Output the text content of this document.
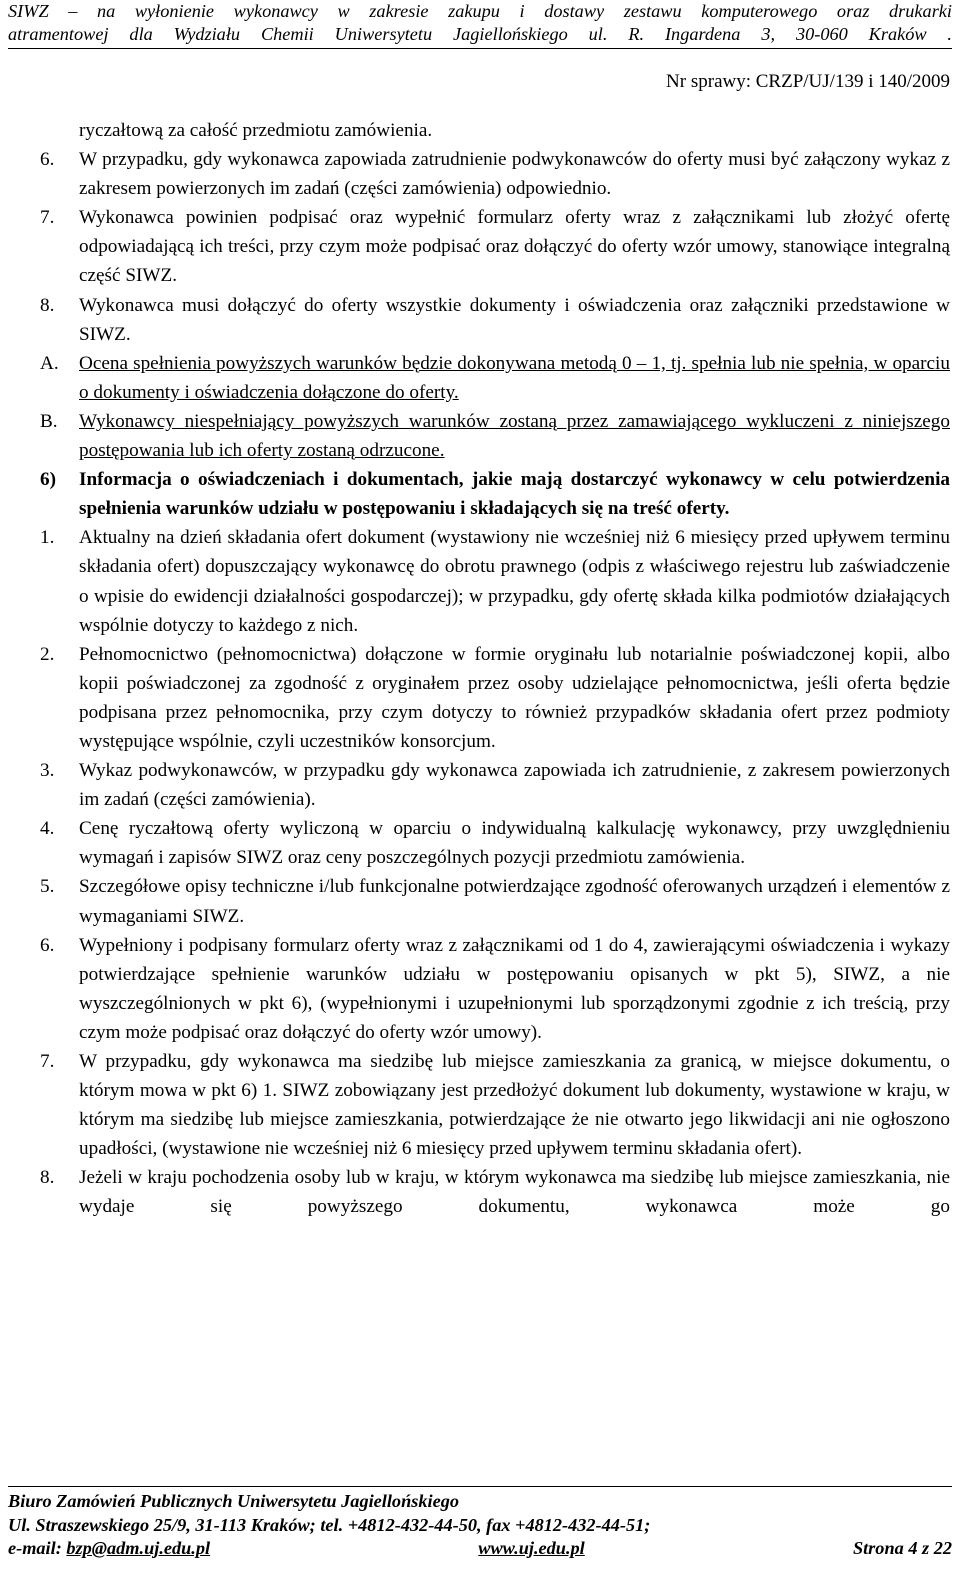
SIWZ – na wyłonienie wykonawcy w zakresie zakupu i dostawy zestawu komputerowego oraz drukarki
atramentowej dla Wydziału Chemii Uniwersytetu Jagiellońskiego ul. R. Ingardena 3, 30-060 Kraków .
Nr sprawy: CRZP/UJ/139 i 140/2009
ryczałtową za całość przedmiotu zamówienia.
6.	W przypadku, gdy wykonawca zapowiada zatrudnienie podwykonawców do oferty musi być załączony wykaz z zakresem powierzonych im zadań (części zamówienia) odpowiednio.
7.	Wykonawca powinien podpisać oraz wypełnić formularz oferty wraz z załącznikami lub złożyć ofertę odpowiadającą ich treści, przy czym może podpisać oraz dołączyć do oferty wzór umowy, stanowiące integralną część SIWZ.
8.	Wykonawca musi dołączyć do oferty wszystkie dokumenty i oświadczenia oraz załączniki przedstawione w SIWZ.
A.	Ocena spełnienia powyższych warunków będzie dokonywana metodą 0 – 1, tj. spełnia lub nie spełnia, w oparciu o dokumenty i oświadczenia dołączone do oferty.
B.	Wykonawcy niespełniający powyższych warunków zostaną przez zamawiającego wykluczeni z niniejszego postępowania lub ich oferty zostaną odrzucone.
6)	Informacja o oświadczeniach i dokumentach, jakie mają dostarczyć wykonawcy w celu potwierdzenia spełnienia warunków udziału w postępowaniu i składających się na treść oferty.
1.	Aktualny na dzień składania ofert dokument (wystawiony nie wcześniej niż 6 miesięcy przed upływem terminu składania ofert) dopuszczający wykonawcę do obrotu prawnego (odpis z właściwego rejestru lub zaświadczenie o wpisie do ewidencji działalności gospodarczej); w przypadku, gdy ofertę składa kilka podmiotów działających wspólnie dotyczy to każdego z nich.
2.	Pełnomocnictwo (pełnomocnictwa) dołączone w formie oryginału lub notarialnie poświadczonej kopii, albo kopii poświadczonej za zgodność z oryginałem przez osoby udzielające pełnomocnictwa, jeśli oferta będzie podpisana przez pełnomocnika, przy czym dotyczy to również przypadków składania ofert przez podmioty występujące wspólnie, czyli uczestników konsorcjum.
3.	Wykaz podwykonawców, w przypadku gdy wykonawca zapowiada ich zatrudnienie, z zakresem powierzonych im zadań (części zamówienia).
4.	Cenę ryczałtową oferty wyliczoną w oparciu o indywidualną kalkulację wykonawcy, przy uwzględnieniu wymagań i zapisów SIWZ oraz ceny poszczególnych pozycji przedmiotu zamówienia.
5.	Szczegółowe opisy techniczne i/lub funkcjonalne potwierdzające zgodność oferowanych urządzeń i elementów z wymaganiami SIWZ.
6.	Wypełniony i podpisany formularz oferty wraz z załącznikami od 1 do 4, zawierającymi oświadczenia i wykazy potwierdzające spełnienie warunków udziału w postępowaniu opisanych w pkt 5), SIWZ, a nie wyszczególnionych w pkt 6), (wypełnionymi i uzupełnionymi lub sporządzonymi zgodnie z ich treścią, przy czym może podpisać oraz dołączyć do oferty wzór umowy).
7.	W przypadku, gdy wykonawca ma siedzibę lub miejsce zamieszkania za granicą, w miejsce dokumentu, o którym mowa w pkt 6) 1. SIWZ zobowiązany jest przedłożyć dokument lub dokumenty, wystawione w kraju, w którym ma siedzibę lub miejsce zamieszkania, potwierdzające że nie otwarto jego likwidacji ani nie ogłoszono upadłości, (wystawione nie wcześniej niż 6 miesięcy przed upływem terminu składania ofert).
8.	Jeżeli w kraju pochodzenia osoby lub w kraju, w którym wykonawca ma siedzibę lub miejsce zamieszkania, nie wydaje się powyższego dokumentu, wykonawca może go
Biuro Zamówień Publicznych Uniwersytetu Jagiellońskiego
Ul. Straszewskiego 25/9, 31-113 Kraków; tel. +4812-432-44-50, fax +4812-432-44-51;
e-mail: bzp@adm.uj.edu.pl	www.uj.edu.pl	Strona 4 z 22
